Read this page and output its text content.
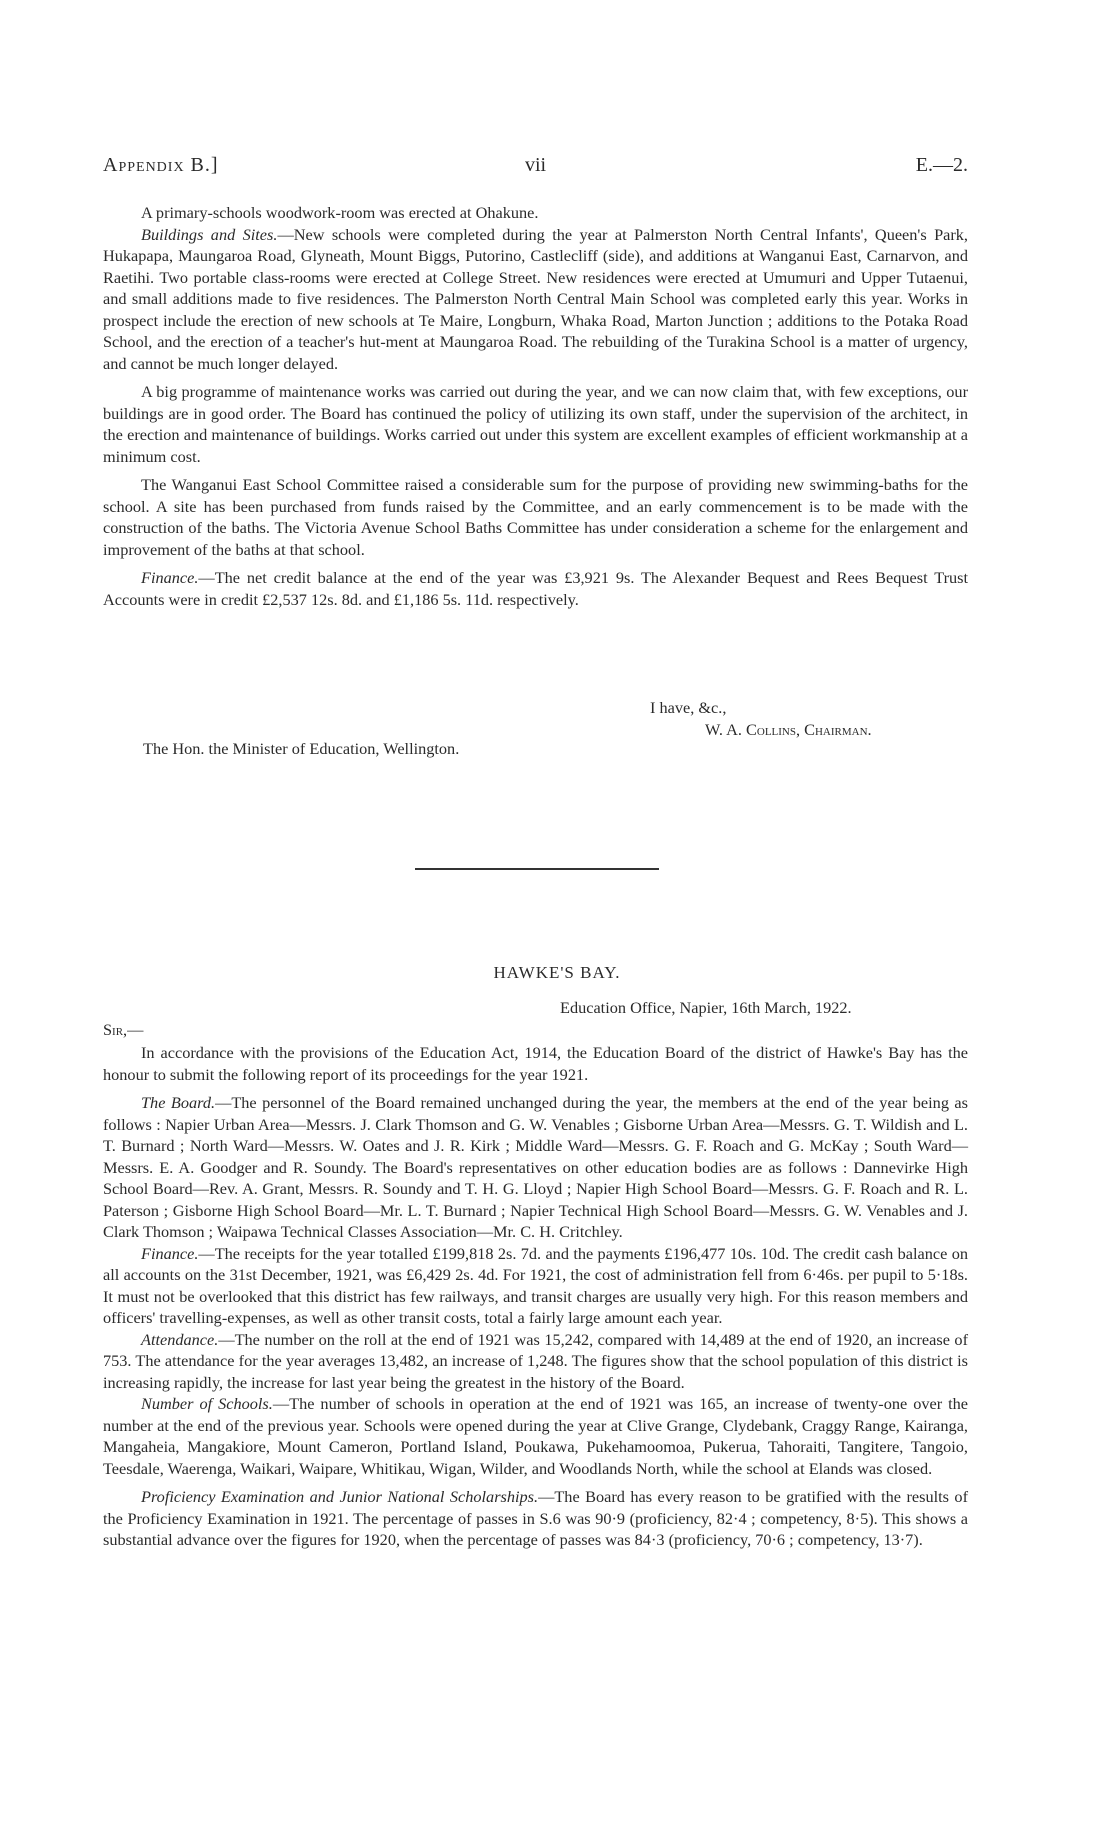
Appendix B.]	vii	E.—2.

A primary-schools woodwork-room was erected at Ohakune.

Buildings and Sites.—New schools were completed during the year at Palmerston North Central Infants', Queen's Park, Hukapapa, Maungaroa Road, Glyneath, Mount Biggs, Putorino, Castlecliff (side), and additions at Wanganui East, Carnarvon, and Raetihi. Two portable class-rooms were erected at College Street. New residences were erected at Umumuri and Upper Tutaenui, and small additions made to five residences. The Palmerston North Central Main School was completed early this year. Works in prospect include the erection of new schools at Te Maire, Longburn, Whaka Road, Marton Junction ; additions to the Potaka Road School, and the erection of a teacher's hut-ment at Maungaroa Road. The rebuilding of the Turakina School is a matter of urgency, and cannot be much longer delayed.

A big programme of maintenance works was carried out during the year, and we can now claim that, with few exceptions, our buildings are in good order. The Board has continued the policy of utilizing its own staff, under the supervision of the architect, in the erection and maintenance of buildings. Works carried out under this system are excellent examples of efficient workmanship at a minimum cost.

The Wanganui East School Committee raised a considerable sum for the purpose of providing new swimming-baths for the school. A site has been purchased from funds raised by the Committee, and an early commencement is to be made with the construction of the baths. The Victoria Avenue School Baths Committee has under consideration a scheme for the enlargement and improvement of the baths at that school.

Finance.—The net credit balance at the end of the year was £3,921 9s. The Alexander Bequest and Rees Bequest Trust Accounts were in credit £2,537 12s. 8d. and £1,186 5s. 11d. respectively.

I have, &c.,
W. A. Collins, Chairman.
The Hon. the Minister of Education, Wellington.
HAWKE'S BAY.
Education Office, Napier, 16th March, 1922.
Sir,—

In accordance with the provisions of the Education Act, 1914, the Education Board of the district of Hawke's Bay has the honour to submit the following report of its proceedings for the year 1921.

The Board.—The personnel of the Board remained unchanged during the year, the members at the end of the year being as follows : Napier Urban Area—Messrs. J. Clark Thomson and G. W. Venables ; Gisborne Urban Area—Messrs. G. T. Wildish and L. T. Burnard ; North Ward—Messrs. W. Oates and J. R. Kirk ; Middle Ward—Messrs. G. F. Roach and G. McKay ; South Ward—Messrs. E. A. Goodger and R. Soundy. The Board's representatives on other education bodies are as follows : Dannevirke High School Board—Rev. A. Grant, Messrs. R. Soundy and T. H. G. Lloyd ; Napier High School Board—Messrs. G. F. Roach and R. L. Paterson ; Gisborne High School Board—Mr. L. T. Burnard ; Napier Technical High School Board—Messrs. G. W. Venables and J. Clark Thomson ; Waipawa Technical Classes Association—Mr. C. H. Critchley.

Finance.—The receipts for the year totalled £199,818 2s. 7d. and the payments £196,477 10s. 10d. The credit cash balance on all accounts on the 31st December, 1921, was £6,429 2s. 4d. For 1921, the cost of administration fell from 6·46s. per pupil to 5·18s. It must not be overlooked that this district has few railways, and transit charges are usually very high. For this reason members and officers' travelling-expenses, as well as other transit costs, total a fairly large amount each year.

Attendance.—The number on the roll at the end of 1921 was 15,242, compared with 14,489 at the end of 1920, an increase of 753. The attendance for the year averages 13,482, an increase of 1,248. The figures show that the school population of this district is increasing rapidly, the increase for last year being the greatest in the history of the Board.

Number of Schools.—The number of schools in operation at the end of 1921 was 165, an increase of twenty-one over the number at the end of the previous year. Schools were opened during the year at Clive Grange, Clydebank, Craggy Range, Kairanga, Mangaheia, Mangakiore, Mount Cameron, Portland Island, Poukawa, Pukehamoomoa, Pukerua, Tahoraiti, Tangitere, Tangoio, Teesdale, Waerenga, Waikari, Waipare, Whitikau, Wigan, Wilder, and Woodlands North, while the school at Elands was closed.

Proficiency Examination and Junior National Scholarships.—The Board has every reason to be gratified with the results of the Proficiency Examination in 1921. The percentage of passes in S.6 was 90·9 (proficiency, 82·4 ; competency, 8·5). This shows a substantial advance over the figures for 1920, when the percentage of passes was 84·3 (proficiency, 70·6 ; competency, 13·7).
